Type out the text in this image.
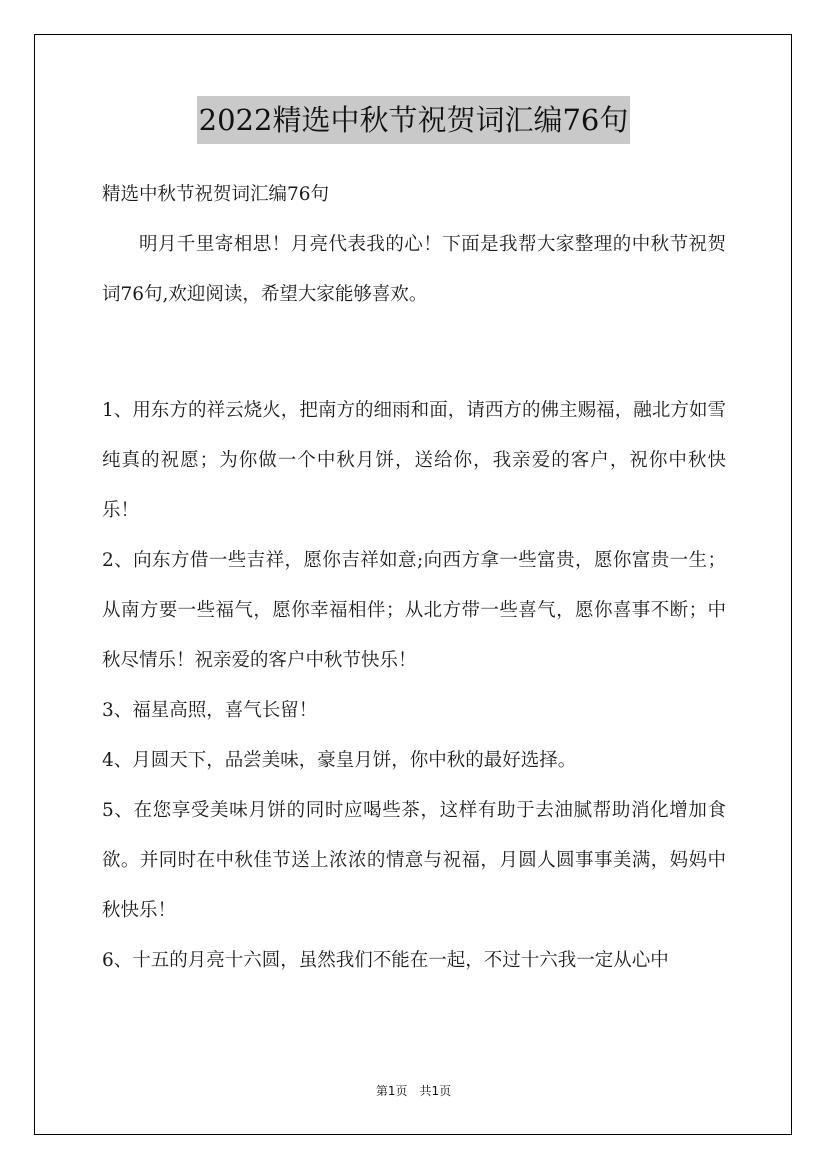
2022精选中秋节祝贺词汇编76句

精选中秋节祝贺词汇编76句

明月千里寄相思！月亮代表我的心！下面是我帮大家整理的中秋节祝贺词76句,欢迎阅读，希望大家能够喜欢。

1、用东方的祥云烧火，把南方的细雨和面，请西方的佛主赐福，融北方如雪纯真的祝愿；为你做一个中秋月饼，送给你，我亲爱的客户，祝你中秋快乐！

2、向东方借一些吉祥，愿你吉祥如意;向西方拿一些富贵，愿你富贵一生；从南方要一些福气，愿你幸福相伴；从北方带一些喜气，愿你喜事不断；中秋尽情乐！祝亲爱的客户中秋节快乐！

3、福星高照，喜气长留！

4、月圆天下，品尝美味，豪皇月饼，你中秋的最好选择。

5、在您享受美味月饼的同时应喝些茶，这样有助于去油腻帮助消化增加食欲。并同时在中秋佳节送上浓浓的情意与祝福，月圆人圆事事美满，妈妈中秋快乐！

6、十五的月亮十六圆，虽然我们不能在一起，不过十六我一定从心中

第1页 共1页
